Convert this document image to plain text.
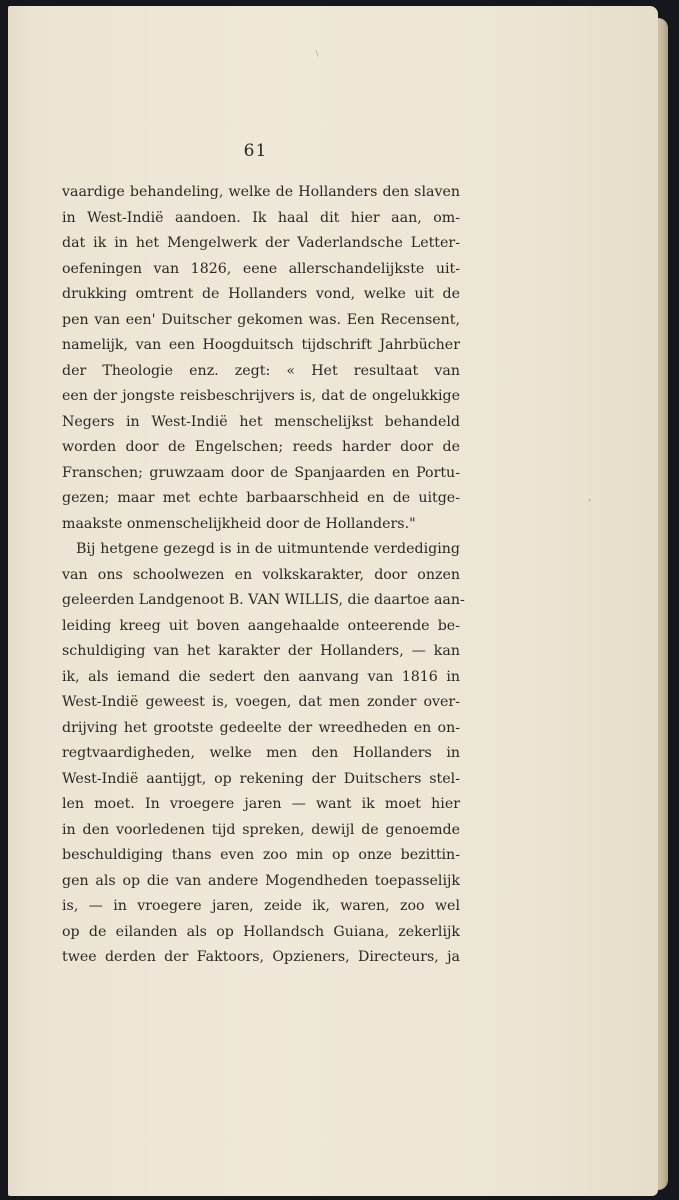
﹨
‚
61
vaardige behandeling, welke de Hollanders den slaven
in West-Indië aandoen. Ik haal dit hier aan, om-
dat ik in het Mengelwerk der Vaderlandsche Letter-
oefeningen van 1826, eene allerschandelijkste uit-
drukking omtrent de Hollanders vond, welke uit de
pen van een' Duitscher gekomen was. Een Recensent,
namelijk, van een Hoogduitsch tijdschrift Jahrbücher
der Theologie enz. zegt: « Het resultaat van
een der jongste reisbeschrijvers is, dat de ongelukkige
Negers in West-Indië het menschelijkst behandeld
worden door de Engelschen; reeds harder door de
Franschen; gruwzaam door de Spanjaarden en Portu-
gezen; maar met echte barbaarschheid en de uitge-
maakste onmenschelijkheid door de Hollanders."
Bij hetgene gezegd is in de uitmuntende verdediging
van ons schoolwezen en volkskarakter, door onzen
geleerden Landgenoot B. VAN WILLIS, die daartoe aan-
leiding kreeg uit boven aangehaalde onteerende be-
schuldiging van het karakter der Hollanders, — kan
ik, als iemand die sedert den aanvang van 1816 in
West-Indië geweest is, voegen, dat men zonder over-
drijving het grootste gedeelte der wreedheden en on-
regtvaardigheden, welke men den Hollanders in
West-Indië aantijgt, op rekening der Duitschers stel-
len moet. In vroegere jaren — want ik moet hier
in den voorledenen tijd spreken, dewijl de genoemde
beschuldiging thans even zoo min op onze bezittin-
gen als op die van andere Mogendheden toepasselijk
is, — in vroegere jaren, zeide ik, waren, zoo wel
op de eilanden als op Hollandsch Guiana, zekerlijk
twee derden der Faktoors, Opzieners, Directeurs, ja
